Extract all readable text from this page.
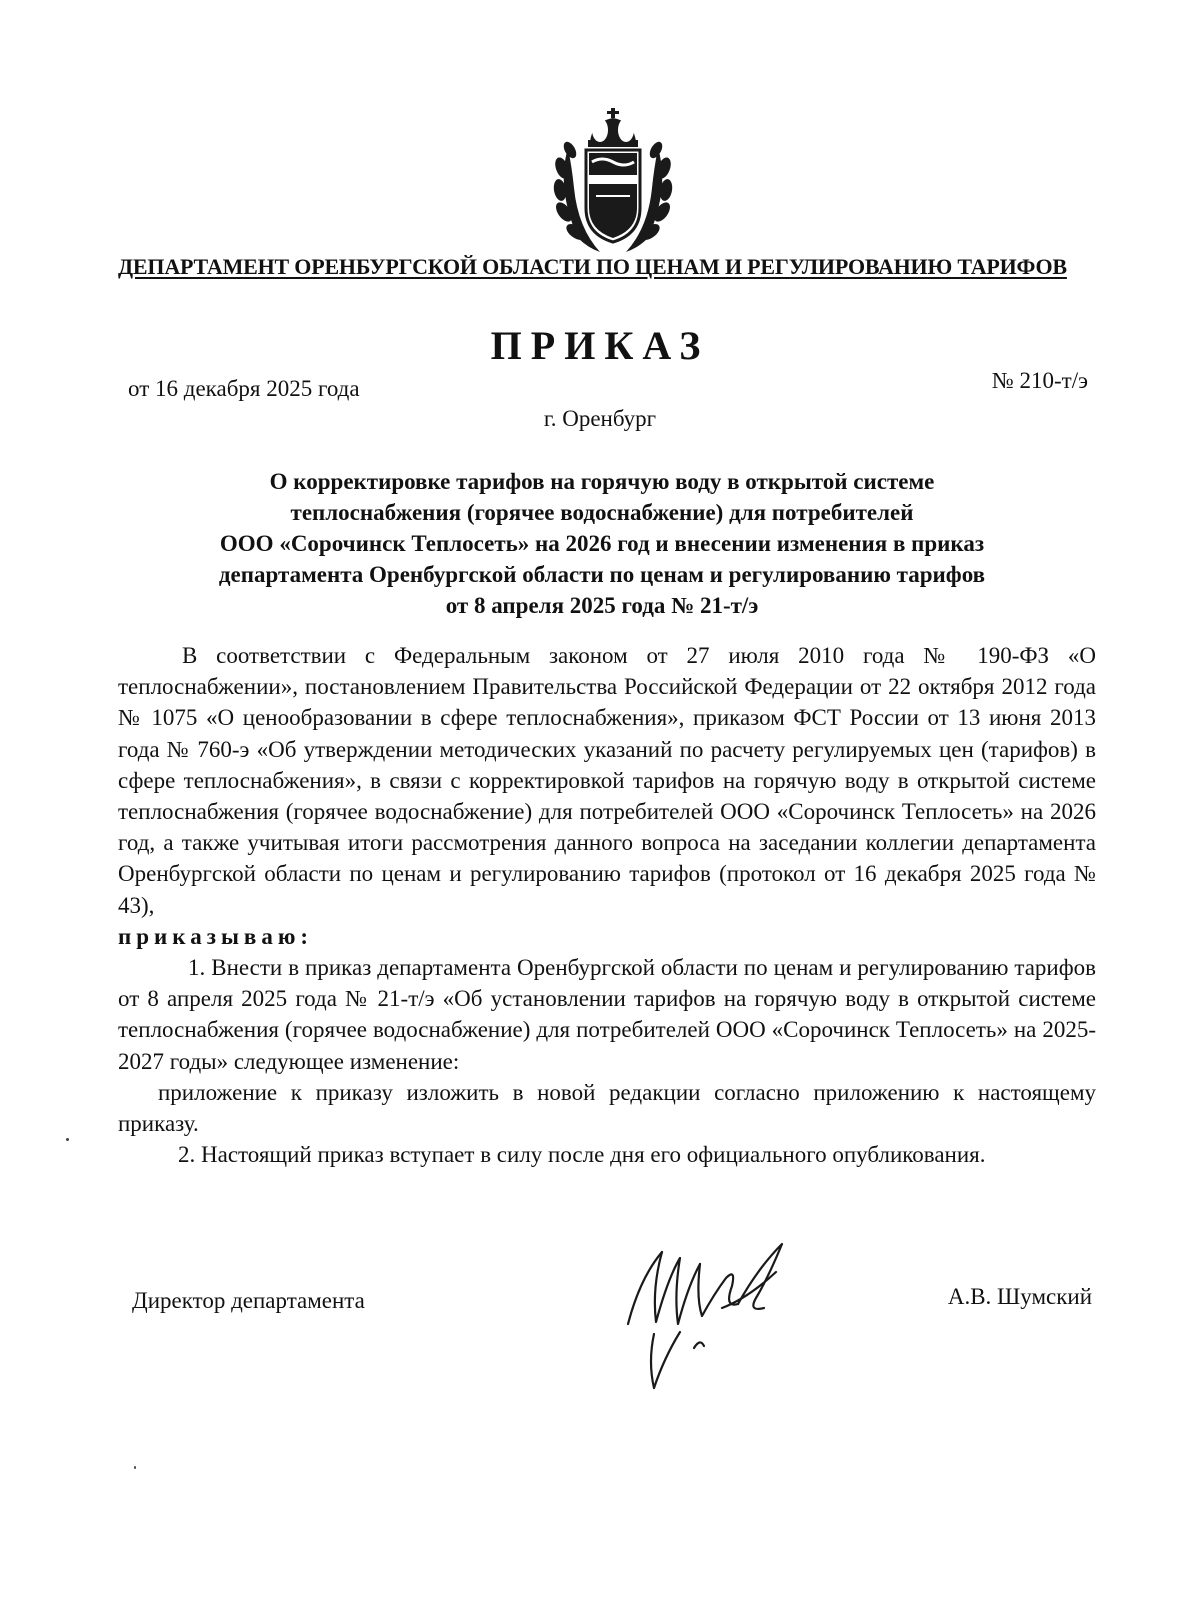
ДЕПАРТАМЕНТ ОРЕНБУРГСКОЙ ОБЛАСТИ ПО ЦЕНАМ И РЕГУЛИРОВАНИЮ ТАРИФОВ
ПРИКАЗ
от 16 декабря 2025 года	№ 210-т/э
г. Оренбург
О корректировке тарифов на горячую воду в открытой системе
теплоснабжения (горячее водоснабжение) для потребителей
ООО «Сорочинск Теплосеть» на 2026 год и внесении изменения в приказ
департамента Оренбургской области по ценам и регулированию тарифов
от 8 апреля 2025 года № 21-т/э

В соответствии с Федеральным законом от 27 июля 2010 года № 190-ФЗ «О теплоснабжении», постановлением Правительства Российской Федерации от 22 октября 2012 года № 1075 «О ценообразовании в сфере теплоснабжения», приказом ФСТ России от 13 июня 2013 года № 760-э «Об утверждении методических указаний по расчету регулируемых цен (тарифов) в сфере теплоснабжения», в связи с корректировкой тарифов на горячую воду в открытой системе теплоснабжения (горячее водоснабжение) для потребителей ООО «Сорочинск Теплосеть» на 2026 год, а также учитывая итоги рассмотрения данного вопроса на заседании коллегии департамента Оренбургской области по ценам и регулированию тарифов (протокол от 16 декабря 2025 года № 43),

приказываю:

1. Внести в приказ департамента Оренбургской области по ценам и регулированию тарифов от 8 апреля 2025 года № 21-т/э «Об установлении тарифов на горячую воду в открытой системе теплоснабжения (горячее водоснабжение) для потребителей ООО «Сорочинск Теплосеть» на 2025-2027 годы» следующее изменение:

приложение к приказу изложить в новой редакции согласно приложению к настоящему приказу.

2. Настоящий приказ вступает в силу после дня его официального опубликования.

Директор департамента	А.В. Шумский
